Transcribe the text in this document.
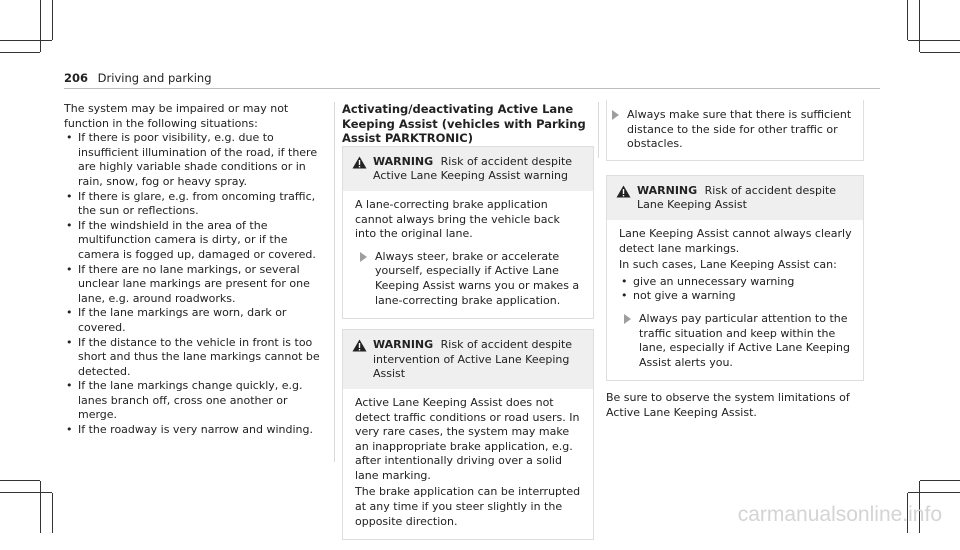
206 Driving and parking

The system may be impaired or may not function in the following situations:

• If there is poor visibility, e.g. due to insufficient illumination of the road, if there are highly variable shade conditions or in rain, snow, fog or heavy spray.
• If there is glare, e.g. from oncoming traffic, the sun or reflections.
• If the windshield in the area of the multifunction camera is dirty, or if the camera is fogged up, damaged or covered.
• If there are no lane markings, or several unclear lane markings are present for one lane, e.g. around roadworks.
• If the lane markings are worn, dark or covered.
• If the distance to the vehicle in front is too short and thus the lane markings cannot be detected.
• If the lane markings change quickly, e.g. lanes branch off, cross one another or merge.
• If the roadway is very narrow and winding.

Activating/deactivating Active Lane Keeping Assist (vehicles with Parking Assist PARKTRONIC)

WARNING Risk of accident despite Active Lane Keeping Assist warning

A lane-correcting brake application cannot always bring the vehicle back into the original lane.

Always steer, brake or accelerate yourself, especially if Active Lane Keeping Assist warns you or makes a lane-correcting brake application.
WARNING Risk of accident despite intervention of Active Lane Keeping Assist

Active Lane Keeping Assist does not detect traffic conditions or road users. In very rare cases, the system may make an inappropriate brake application, e.g. after intentionally driving over a solid lane marking.

The brake application can be interrupted at any time if you steer slightly in the opposite direction.

Always make sure that there is sufficient distance to the side for other traffic or obstacles.
WARNING Risk of accident despite Lane Keeping Assist

Lane Keeping Assist cannot always clearly detect lane markings.

In such cases, Lane Keeping Assist can:

• give an unnecessary warning
• not give a warning
Always pay particular attention to the traffic situation and keep within the lane, especially if Active Lane Keeping Assist alerts you.

Be sure to observe the system limitations of Active Lane Keeping Assist.

carmanualsonline.info
